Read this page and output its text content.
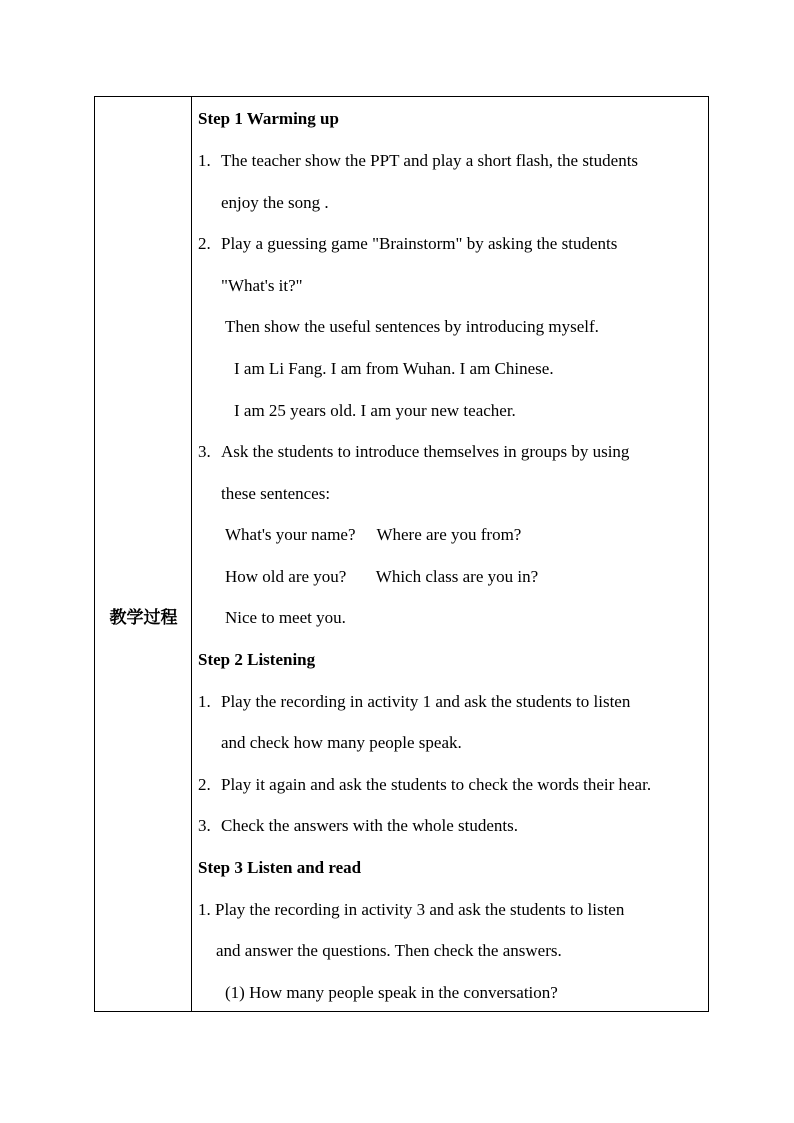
教学过程
Step 1 Warming up
1. The teacher show the PPT and play a short flash, the students
enjoy the song .
2. Play a guessing game "Brainstorm" by asking the students
"What's it?"
Then show the useful sentences by introducing myself.
I am Li Fang. I am from Wuhan. I am Chinese.
I am 25 years old. I am your new teacher.
3. Ask the students to introduce themselves in groups by using
these sentences:
What's your name?     Where are you from?
How old are you?       Which class are you in?
Nice to meet you.
Step 2 Listening
1. Play the recording in activity 1 and ask the students to listen
and check how many people speak.
2. Play it again and ask the students to check the words their hear.
3. Check the answers with the whole students.
Step 3 Listen and read
1. Play the recording in activity 3 and ask the students to listen
and answer the questions. Then check the answers.
(1) How many people speak in the conversation?
